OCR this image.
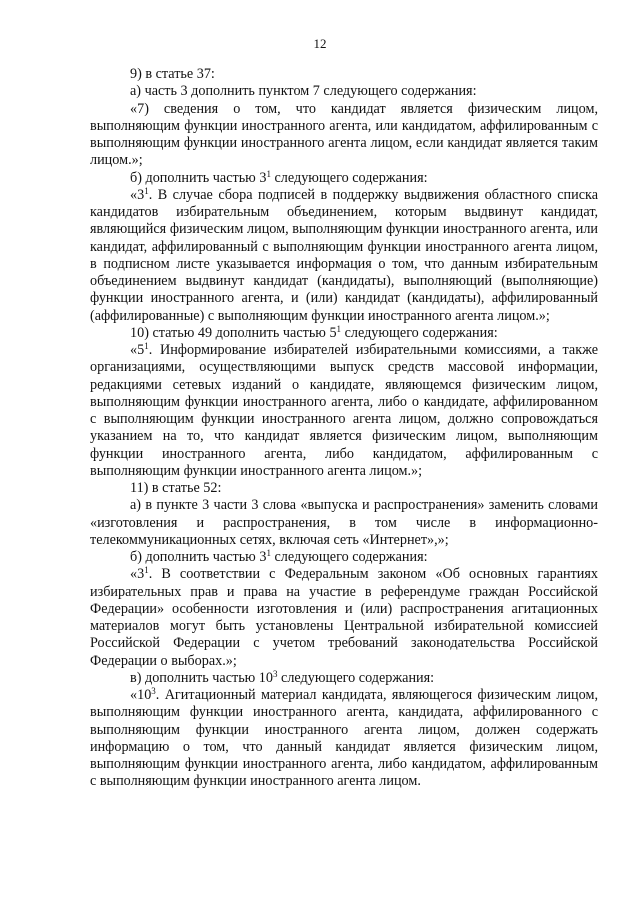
12

9) в статье 37:

а) часть 3 дополнить пунктом 7 следующего содержания:

«7) сведения о том, что кандидат является физическим лицом, выполняющим функции иностранного агента, или кандидатом, аффилированным с выполняющим функции иностранного агента лицом, если кандидат является таким лицом.»;

б) дополнить частью $3^1$ следующего содержания:

«$3^1$. В случае сбора подписей в поддержку выдвижения областного списка кандидатов избирательным объединением, которым выдвинут кандидат, являющийся физическим лицом, выполняющим функции иностранного агента, или кандидат, аффилированный с выполняющим функции иностранного агента лицом, в подписном листе указывается информация о том, что данным избирательным объединением выдвинут кандидат (кандидаты), выполняющий (выполняющие) функции иностранного агента, и (или) кандидат (кандидаты), аффилированный (аффилированные) с выполняющим функции иностранного агента лицом.»;

10) статью 49 дополнить частью $5^1$ следующего содержания:

«$5^1$. Информирование избирателей избирательными комиссиями, а также организациями, осуществляющими выпуск средств массовой информации, редакциями сетевых изданий о кандидате, являющемся физическим лицом, выполняющим функции иностранного агента, либо о кандидате, аффилированном с выполняющим функции иностранного агента лицом, должно сопровождаться указанием на то, что кандидат является физическим лицом, выполняющим функции иностранного агента, либо кандидатом, аффилированным с выполняющим функции иностранного агента лицом.»;

11) в статье 52:

а) в пункте 3 части 3 слова «выпуска и распространения» заменить словами «изготовления и распространения, в том числе в информационно-телекоммуникационных сетях, включая сеть «Интернет»,»;

б) дополнить частью $3^1$ следующего содержания:

«$3^1$. В соответствии с Федеральным законом «Об основных гарантиях избирательных прав и права на участие в референдуме граждан Российской Федерации» особенности изготовления и (или) распространения агитационных материалов могут быть установлены Центральной избирательной комиссией Российской Федерации с учетом требований законодательства Российской Федерации о выборах.»;

в) дополнить частью $10^3$ следующего содержания:

«$10^3$. Агитационный материал кандидата, являющегося физическим лицом, выполняющим функции иностранного агента, кандидата, аффилированного с выполняющим функции иностранного агента лицом, должен содержать информацию о том, что данный кандидат является физическим лицом, выполняющим функции иностранного агента, либо кандидатом, аффилированным с выполняющим функции иностранного агента лицом.
